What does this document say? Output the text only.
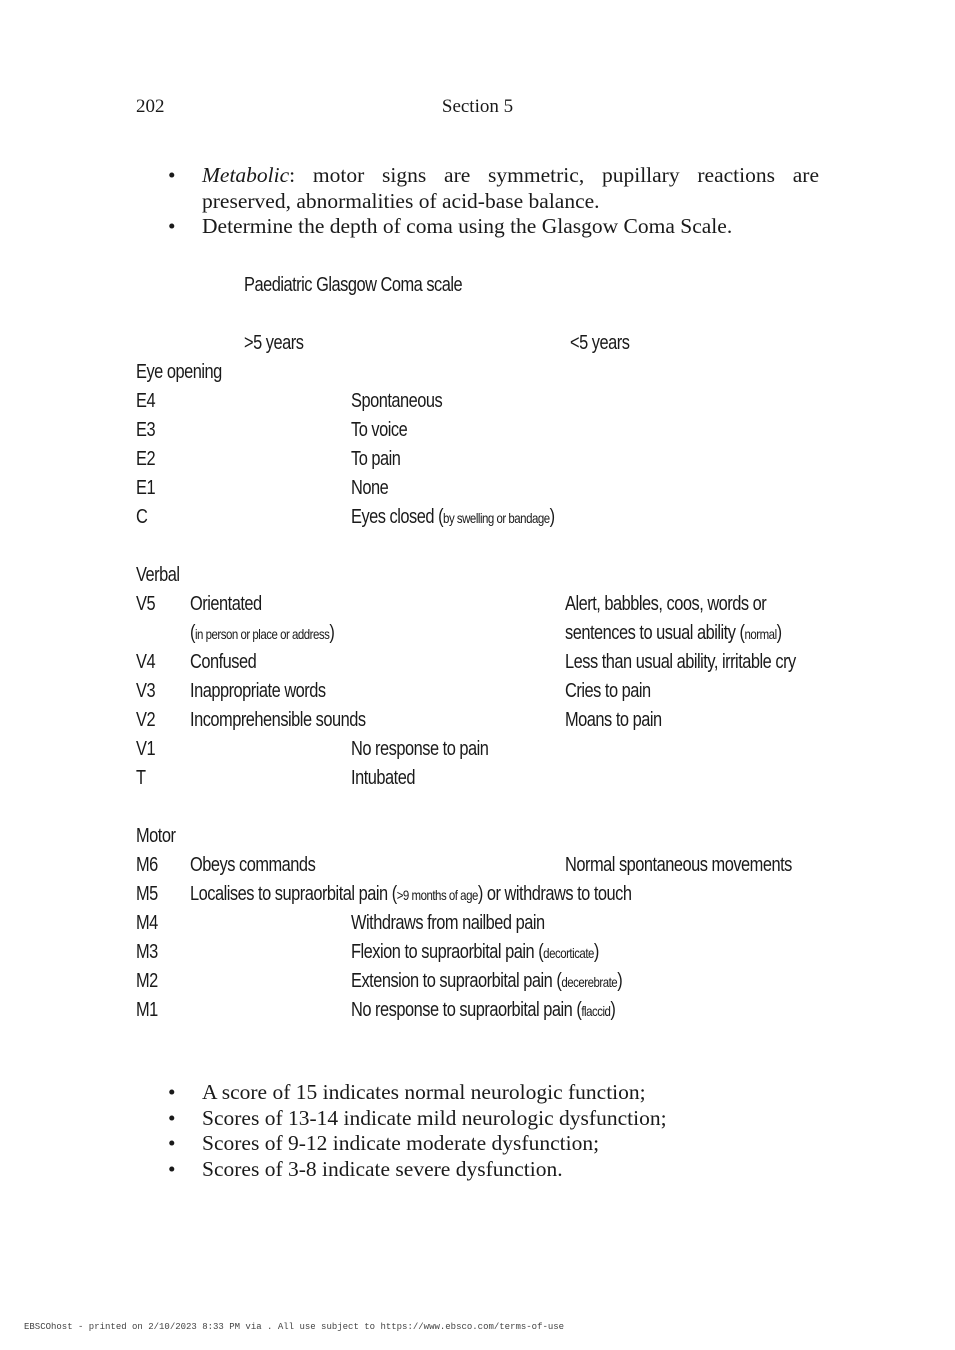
202	Section 5
• Metabolic: motor signs are symmetric, pupillary reactions are preserved, abnormalities of acid-base balance.
• Determine the depth of coma using the Glasgow Coma Scale.
Paediatric Glasgow Coma scale
>5 years	<5 years
Eye opening
E4	Spontaneous
E3	To voice
E2	To pain
E1	None
C	Eyes closed (by swelling or bandage)
Verbal
V5 Orientated	Alert, babbles, coos, words or
(in person or place or address)	sentences to usual ability (normal)
V4 Confused	Less than usual ability, irritable cry
V3 Inappropriate words	Cries to pain
V2 Incomprehensible sounds	Moans to pain
V1	No response to pain
T	Intubated
Motor
M6 Obeys commands	Normal spontaneous movements
M5 Localises to supraorbital pain (>9 months of age) or withdraws to touch
M4	Withdraws from nailbed pain
M3	Flexion to supraorbital pain (decorticate)
M2	Extension to supraorbital pain (decerebrate)
M1	No response to supraorbital pain (flaccid)
• A score of 15 indicates normal neurologic function;
• Scores of 13-14 indicate mild neurologic dysfunction;
• Scores of 9-12 indicate moderate dysfunction;
• Scores of 3-8 indicate severe dysfunction.
EBSCOhost - printed on 2/10/2023 8:33 PM via . All use subject to https://www.ebsco.com/terms-of-use
